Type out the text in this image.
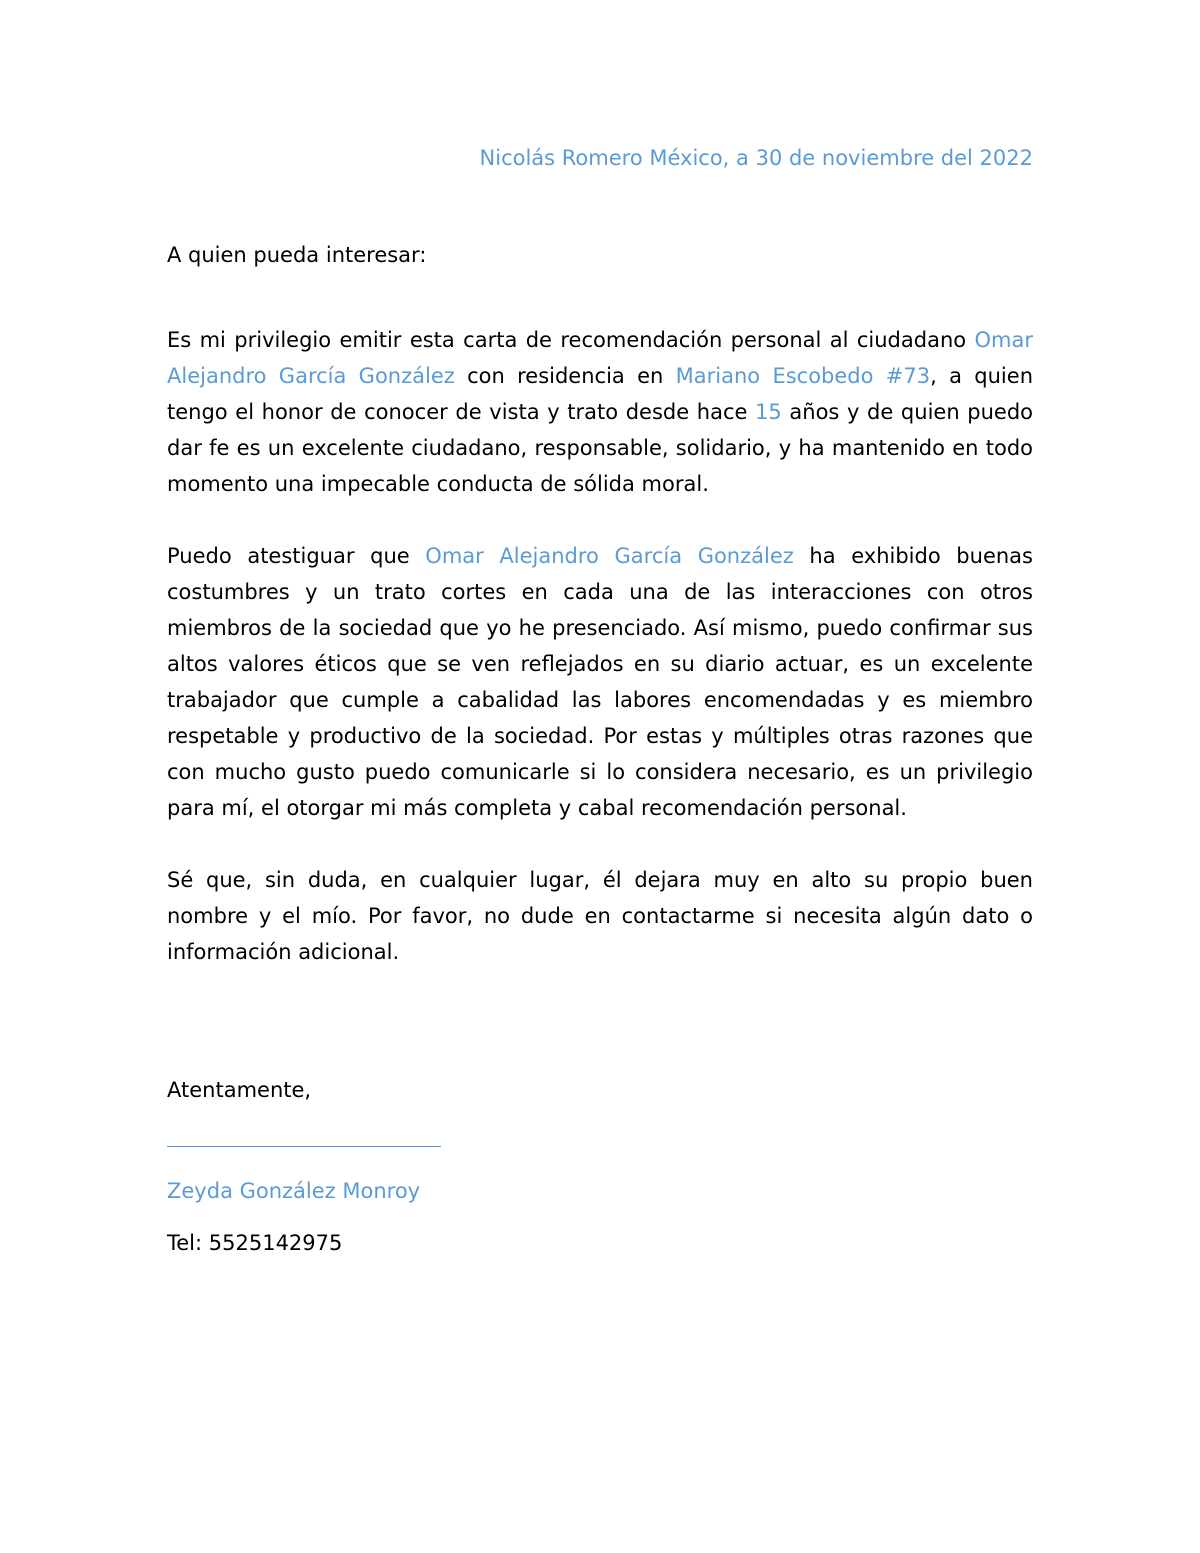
Nicolás Romero México, a 30 de noviembre del 2022

A quien pueda interesar:

Es mi privilegio emitir esta carta de recomendación personal al ciudadano Omar Alejandro García González con residencia en Mariano Escobedo #73, a quien tengo el honor de conocer de vista y trato desde hace 15 años y de quien puedo dar fe es un excelente ciudadano, responsable, solidario, y ha mantenido en todo momento una impecable conducta de sólida moral.

Puedo atestiguar que Omar Alejandro García González ha exhibido buenas costumbres y un trato cortes en cada una de las interacciones con otros miembros de la sociedad que yo he presenciado. Así mismo, puedo confirmar sus altos valores éticos que se ven reflejados en su diario actuar, es un excelente trabajador que cumple a cabalidad las labores encomendadas y es miembro respetable y productivo de la sociedad. Por estas y múltiples otras razones que con mucho gusto puedo comunicarle si lo considera necesario, es un privilegio para mí, el otorgar mi más completa y cabal recomendación personal.

Sé que, sin duda, en cualquier lugar, él dejara muy en alto su propio buen nombre y el mío. Por favor, no dude en contactarme si necesita algún dato o información adicional.

Atentamente,

Zeyda González Monroy

Tel: 5525142975
